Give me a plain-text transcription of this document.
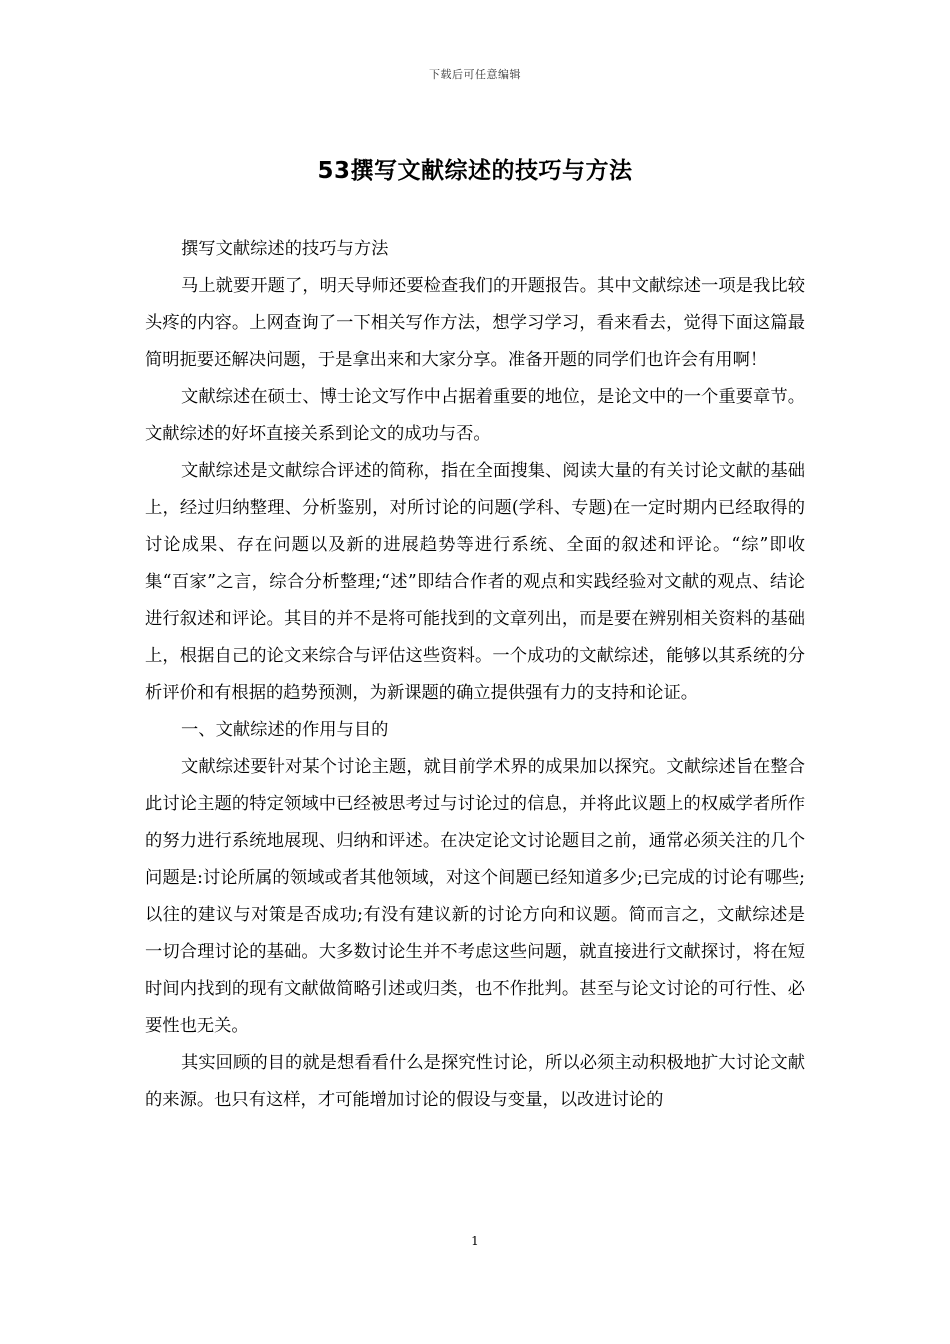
下载后可任意编辑
53撰写文献综述的技巧与方法

撰写文献综述的技巧与方法

马上就要开题了，明天导师还要检查我们的开题报告。其中文献综述一项是我比较头疼的内容。上网查询了一下相关写作方法，想学习学习，看来看去，觉得下面这篇最简明扼要还解决问题，于是拿出来和大家分享。准备开题的同学们也许会有用啊！

文献综述在硕士、博士论文写作中占据着重要的地位，是论文中的一个重要章节。文献综述的好坏直接关系到论文的成功与否。

文献综述是文献综合评述的简称，指在全面搜集、阅读大量的有关讨论文献的基础上，经过归纳整理、分析鉴别，对所讨论的问题(学科、专题)在一定时期内已经取得的讨论成果、存在问题以及新的进展趋势等进行系统、全面的叙述和评论。“综”即收集“百家”之言，综合分析整理;“述”即结合作者的观点和实践经验对文献的观点、结论进行叙述和评论。其目的并不是将可能找到的文章列出，而是要在辨别相关资料的基础上，根据自己的论文来综合与评估这些资料。一个成功的文献综述，能够以其系统的分析评价和有根据的趋势预测，为新课题的确立提供强有力的支持和论证。

一、文献综述的作用与目的

文献综述要针对某个讨论主题，就目前学术界的成果加以探究。文献综述旨在整合此讨论主题的特定领域中已经被思考过与讨论过的信息，并将此议题上的权威学者所作的努力进行系统地展现、归纳和评述。在决定论文讨论题目之前，通常必须关注的几个问题是:讨论所属的领域或者其他领域，对这个间题已经知道多少;已完成的讨论有哪些;以往的建议与对策是否成功;有没有建议新的讨论方向和议题。简而言之，文献综述是一切合理讨论的基础。大多数讨论生并不考虑这些问题，就直接进行文献探讨，将在短时间内找到的现有文献做简略引述或归类，也不作批判。甚至与论文讨论的可行性、必要性也无关。

其实回顾的目的就是想看看什么是探究性讨论，所以必须主动积极地扩大讨论文献的来源。也只有这样，才可能增加讨论的假设与变量，以改进讨论的

1
